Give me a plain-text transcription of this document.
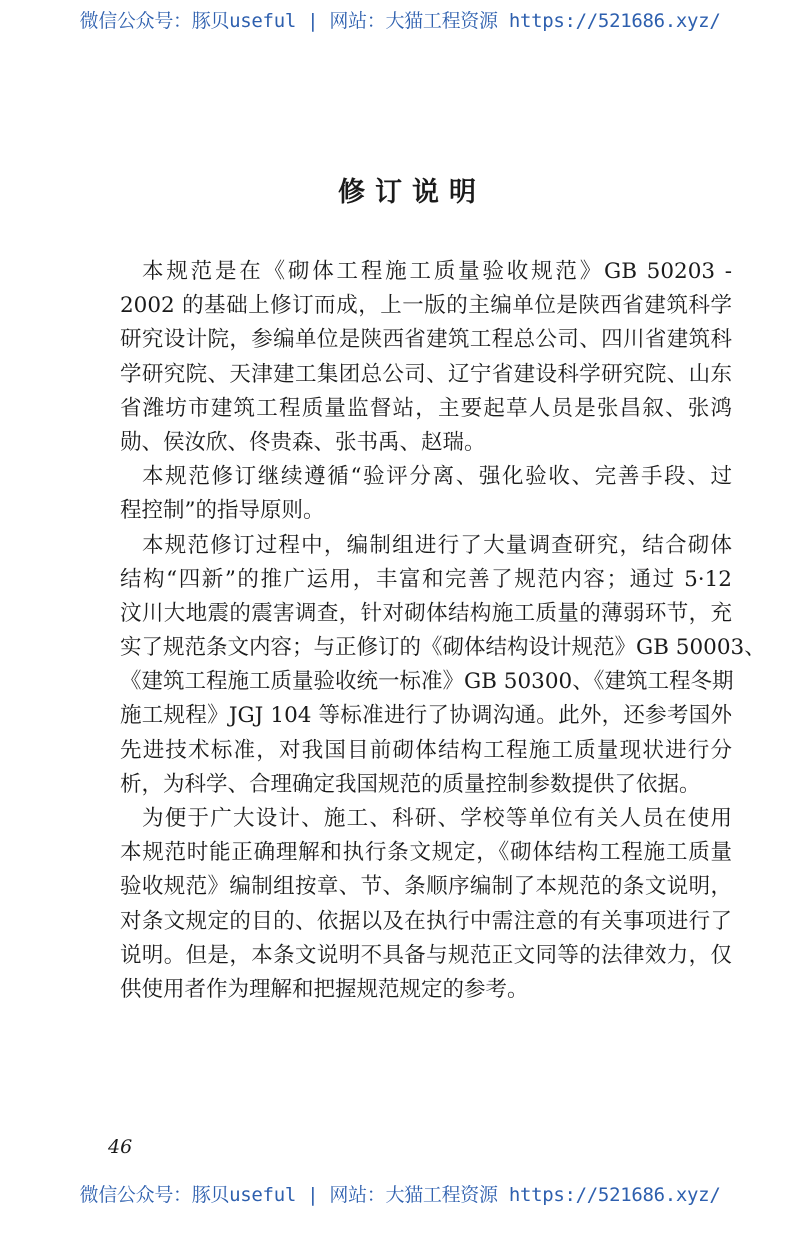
微信公众号：豚贝useful | 网站：大猫工程资源 https://521686.xyz/
修订说明
本规范是在《砌体工程施工质量验收规范》GB 50203 -
2002 的基础上修订而成，上一版的主编单位是陕西省建筑科学
研究设计院，参编单位是陕西省建筑工程总公司、四川省建筑科
学研究院、天津建工集团总公司、辽宁省建设科学研究院、山东
省潍坊市建筑工程质量监督站，主要起草人员是张昌叙、张鸿
勋、侯汝欣、佟贵森、张书禹、赵瑞。
本规范修订继续遵循“验评分离、强化验收、完善手段、过
程控制”的指导原则。
本规范修订过程中，编制组进行了大量调查研究，结合砌体
结构“四新”的推广运用，丰富和完善了规范内容；通过 5·12
汶川大地震的震害调查，针对砌体结构施工质量的薄弱环节，充
实了规范条文内容；与正修订的《砌体结构设计规范》GB 50003、
《建筑工程施工质量验收统一标准》GB 50300、《建筑工程冬期
施工规程》JGJ 104 等标准进行了协调沟通。此外，还参考国外
先进技术标准，对我国目前砌体结构工程施工质量现状进行分
析，为科学、合理确定我国规范的质量控制参数提供了依据。
为便于广大设计、施工、科研、学校等单位有关人员在使用
本规范时能正确理解和执行条文规定，《砌体结构工程施工质量
验收规范》编制组按章、节、条顺序编制了本规范的条文说明，
对条文规定的目的、依据以及在执行中需注意的有关事项进行了
说明。但是，本条文说明不具备与规范正文同等的法律效力，仅
供使用者作为理解和把握规范规定的参考。
46
微信公众号：豚贝useful | 网站：大猫工程资源 https://521686.xyz/
